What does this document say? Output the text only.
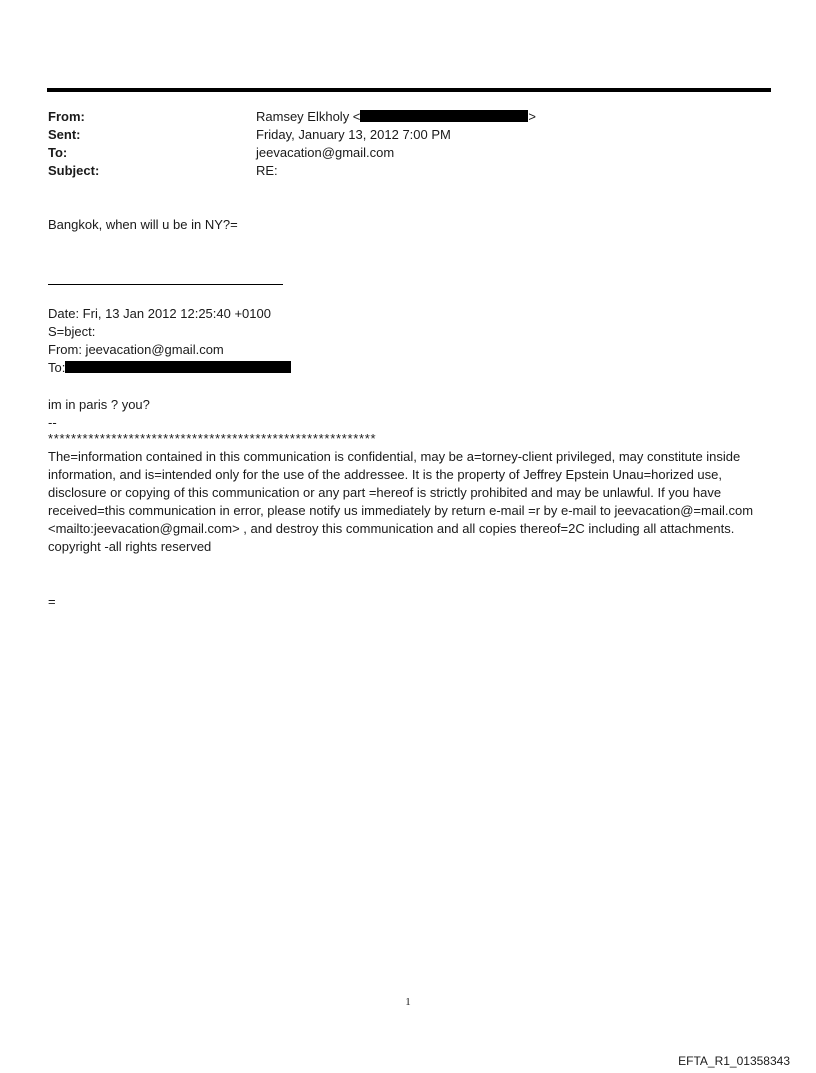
From:	Ramsey Elkholy <	>
Sent:	Friday, January 13, 2012 7:00 PM
To:	jeevacation@gmail.com
Subject:	RE:
Bangkok, when will u be in NY?=
Date: Fri, 13 Jan 2012 12:25:40 +0100
S=bject:
From: jeevacation@gmail.com
To:
im in paris ? you?
--
*********************************************************
The=information contained in this communication is confidential, may be a=torney-client privileged, may constitute inside information, and is=intended only for the use of the addressee. It is the property of Jeffrey Epstein Unau=horized use, disclosure or copying of this communication or any part =hereof is strictly prohibited and may be unlawful. If you have received=this communication in error, please notify us immediately by return e-mail =r by e-mail to jeevacation@=mail.com <mailto:jeevacation@gmail.com> , and destroy this communication and all copies thereof=2C including all attachments. copyright -all rights reserved
=
1
EFTA_R1_01358343
